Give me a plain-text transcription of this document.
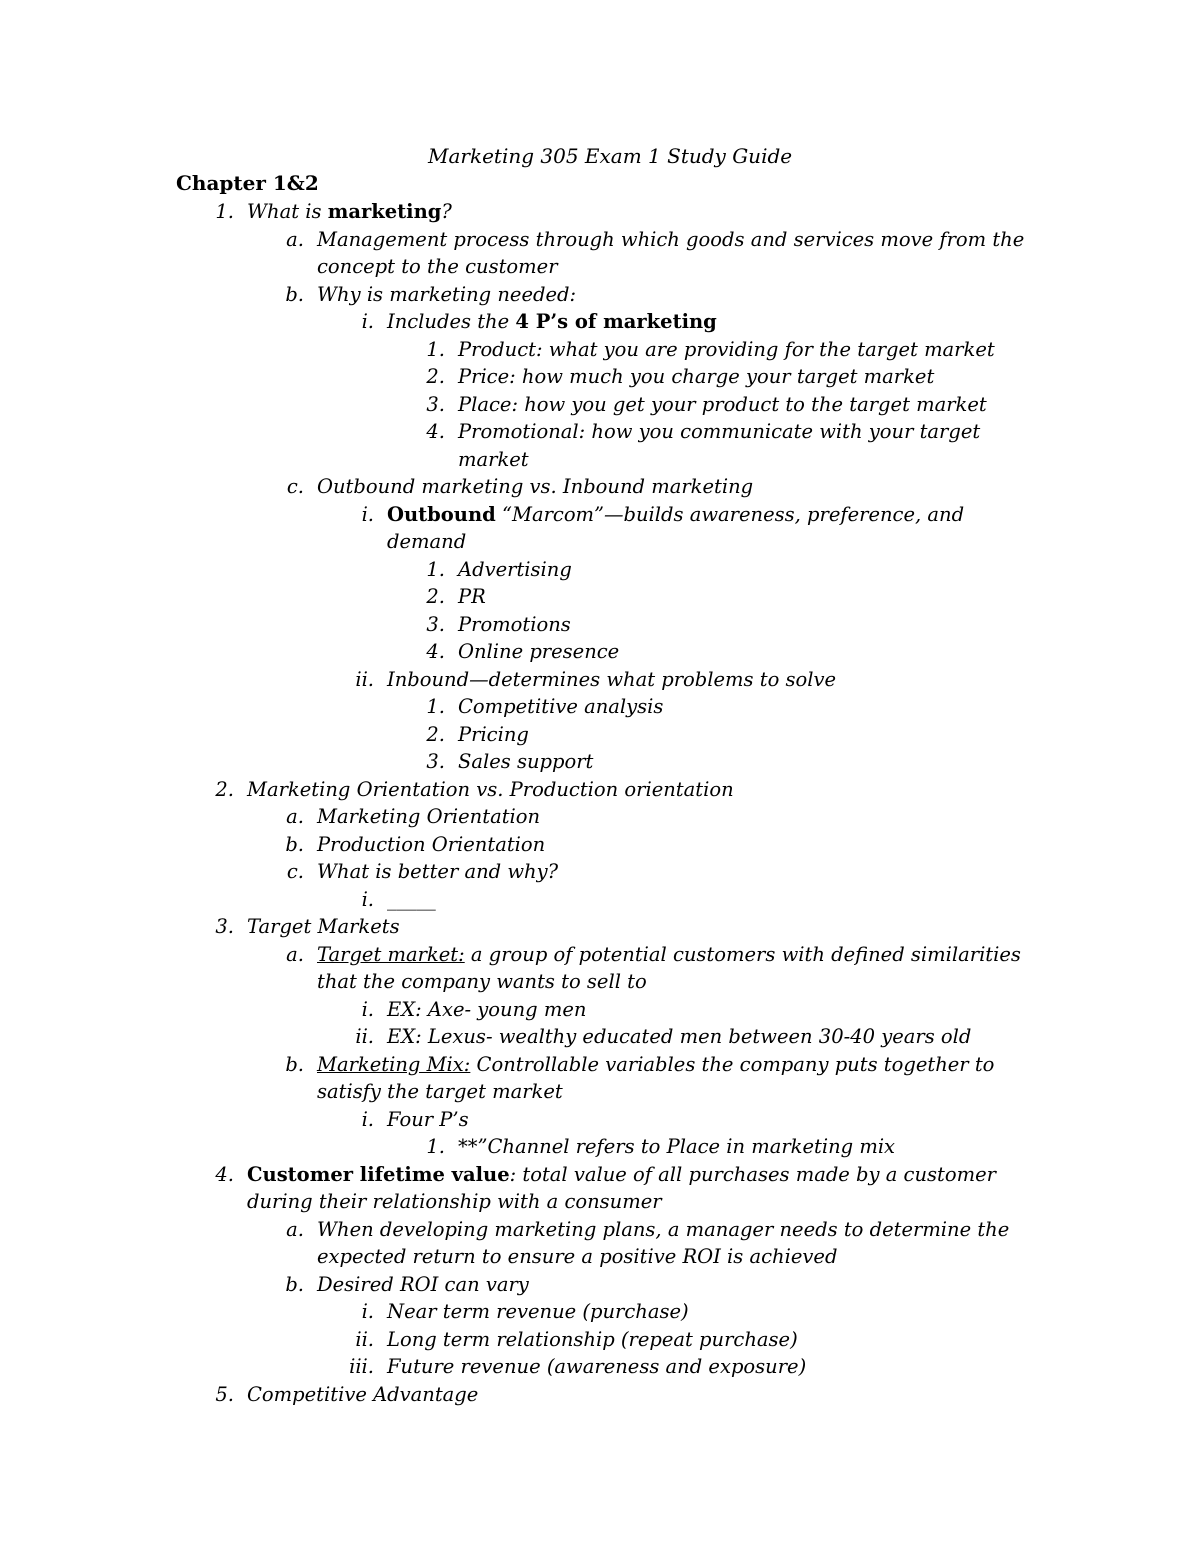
Marketing 305 Exam 1 Study Guide
Chapter 1&2
1. What is marketing?
a. Management process through which goods and services move from the
concept to the customer
b. Why is marketing needed:
i. Includes the 4 P’s of marketing
1. Product: what you are providing for the target market
2. Price: how much you charge your target market
3. Place: how you get your product to the target market
4. Promotional: how you communicate with your target
market
c. Outbound marketing vs. Inbound marketing
i. Outbound “Marcom”—builds awareness, preference, and
demand
1. Advertising
2. PR
3. Promotions
4. Online presence
ii. Inbound—determines what problems to solve
1. Competitive analysis
2. Pricing
3. Sales support
2. Marketing Orientation vs. Production orientation
a. Marketing Orientation
b. Production Orientation
c. What is better and why?
i. _____
3. Target Markets
a. Target market: a group of potential customers with defined similarities
that the company wants to sell to
i. EX: Axe- young men
ii. EX: Lexus- wealthy educated men between 30-40 years old
b. Marketing Mix: Controllable variables the company puts together to
satisfy the target market
i. Four P’s
1. **”Channel refers to Place in marketing mix
4. Customer lifetime value: total value of all purchases made by a customer
during their relationship with a consumer
a. When developing marketing plans, a manager needs to determine the
expected return to ensure a positive ROI is achieved
b. Desired ROI can vary
i. Near term revenue (purchase)
ii. Long term relationship (repeat purchase)
iii. Future revenue (awareness and exposure)
5. Competitive Advantage
